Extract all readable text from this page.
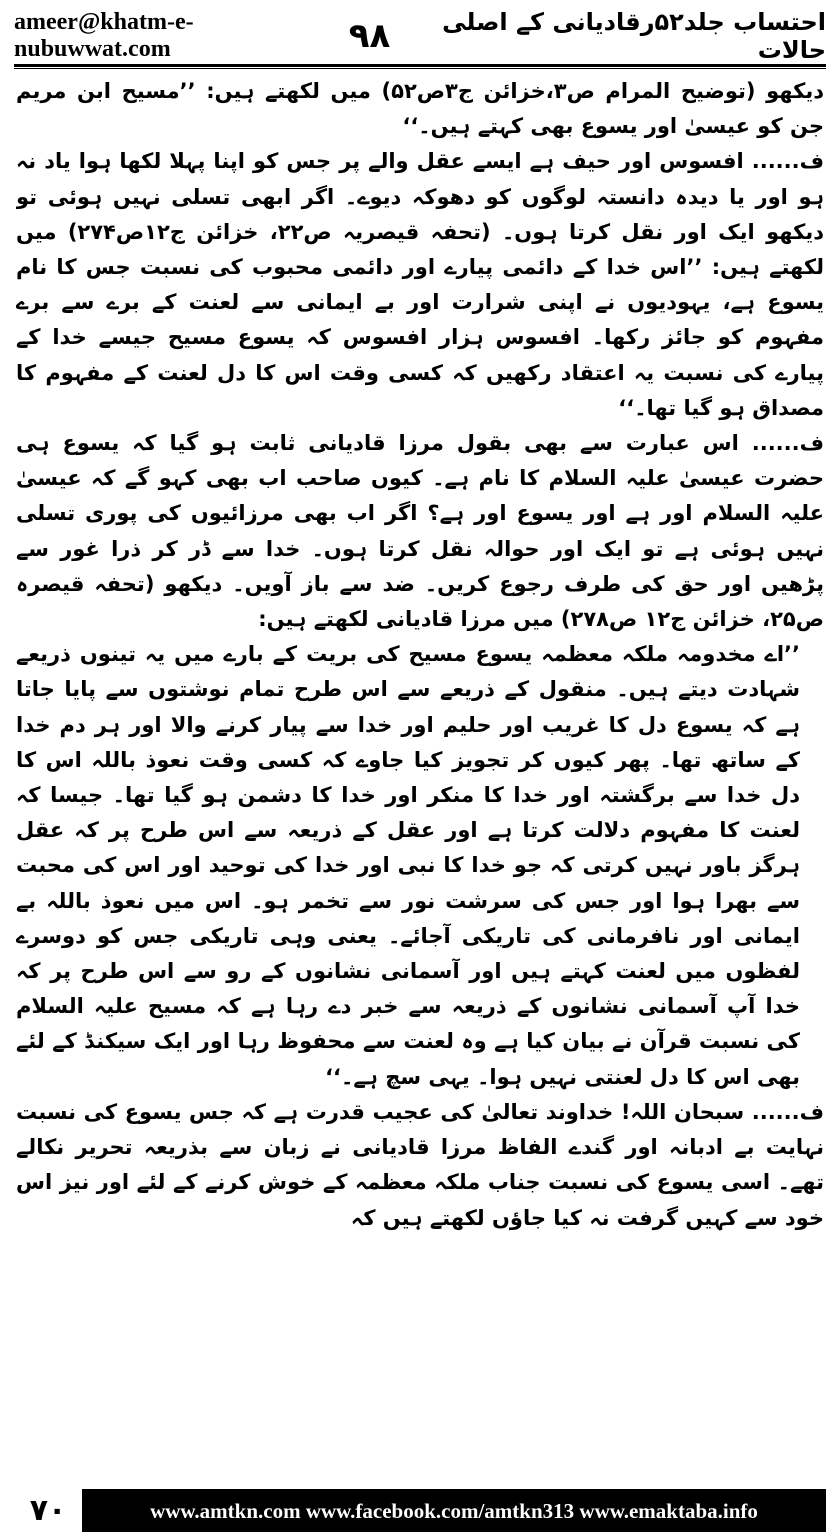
ameer@khatm-e-nubuwwat.com	۹۸	احتساب جلد۵۲رقادیانی کے اصلی حالات

دیکھو (توضیح المرام ص۳،خزائن ج۳ص۵۲) میں لکھتے ہیں: ’’مسیح ابن مریم جن کو عیسیٰ اور یسوع بھی کہتے ہیں۔‘‘

ف...... افسوس اور حیف ہے ایسے عقل والے پر جس کو اپنا پہلا لکھا ہوا یاد نہ ہو اور یا دیدہ دانستہ لوگوں کو دھوکہ دیوے۔ اگر ابھی تسلی نہیں ہوئی تو دیکھو ایک اور نقل کرتا ہوں۔ (تحفہ قیصریہ ص۲۲، خزائن ج۱۲ص۲۷۴) میں لکھتے ہیں: ’’اس خدا کے دائمی پیارے اور دائمی محبوب کی نسبت جس کا نام یسوع ہے، یہودیوں نے اپنی شرارت اور بے ایمانی سے لعنت کے برے سے برے مفہوم کو جائز رکھا۔ افسوس ہزار افسوس کہ یسوع مسیح جیسے خدا کے پیارے کی نسبت یہ اعتقاد رکھیں کہ کسی وقت اس کا دل لعنت کے مفہوم کا مصداق ہو گیا تھا۔‘‘

ف...... اس عبارت سے بھی بقول مرزا قادیانی ثابت ہو گیا کہ یسوع ہی حضرت عیسیٰ علیہ السلام کا نام ہے۔ کیوں صاحب اب بھی کہو گے کہ عیسیٰ علیہ السلام اور ہے اور یسوع اور ہے؟ اگر اب بھی مرزائیوں کی پوری تسلی نہیں ہوئی ہے تو ایک اور حوالہ نقل کرتا ہوں۔ خدا سے ڈر کر ذرا غور سے پڑھیں اور حق کی طرف رجوع کریں۔ ضد سے باز آویں۔ دیکھو (تحفہ قیصرہ ص۲۵، خزائن ج۱۲ ص۲۷۸) میں مرزا قادیانی لکھتے ہیں:

’’اے مخدومہ ملکہ معظمہ یسوع مسیح کی بریت کے بارے میں یہ تینوں ذریعے شہادت دیتے ہیں۔ منقول کے ذریعے سے اس طرح تمام نوشتوں سے پایا جاتا ہے کہ یسوع دل کا غریب اور حلیم اور خدا سے پیار کرنے والا اور ہر دم خدا کے ساتھ تھا۔ پھر کیوں کر تجویز کیا جاوے کہ کسی وقت نعوذ باللہ اس کا دل خدا سے برگشتہ اور خدا کا منکر اور خدا کا دشمن ہو گیا تھا۔ جیسا کہ لعنت کا مفہوم دلالت کرتا ہے اور عقل کے ذریعہ سے اس طرح پر کہ عقل ہرگز باور نہیں کرتی کہ جو خدا کا نبی اور خدا کی توحید اور اس کی محبت سے بھرا ہوا اور جس کی سرشت نور سے تخمر ہو۔ اس میں نعوذ باللہ بے ایمانی اور نافرمانی کی تاریکی آجائے۔ یعنی وہی تاریکی جس کو دوسرے لفظوں میں لعنت کہتے ہیں اور آسمانی نشانوں کے رو سے اس طرح پر کہ خدا آپ آسمانی نشانوں کے ذریعہ سے خبر دے رہا ہے کہ مسیح علیہ السلام کی نسبت قرآن نے بیان کیا ہے وہ لعنت سے محفوظ رہا اور ایک سیکنڈ کے لئے بھی اس کا دل لعنتی نہیں ہوا۔ یہی سچ ہے۔‘‘

ف...... سبحان اللہ! خداوند تعالیٰ کی عجیب قدرت ہے کہ جس یسوع کی نسبت نہایت بے ادبانہ اور گندے الفاظ مرزا قادیانی نے زبان سے بذریعہ تحریر نکالے تھے۔ اسی یسوع کی نسبت جناب ملکہ معظمہ کے خوش کرنے کے لئے اور نیز اس خود سے کہیں گرفت نہ کیا جاؤں لکھتے ہیں کہ

۷۰	www.amtkn.com www.facebook.com/amtkn313 www.emaktaba.info
